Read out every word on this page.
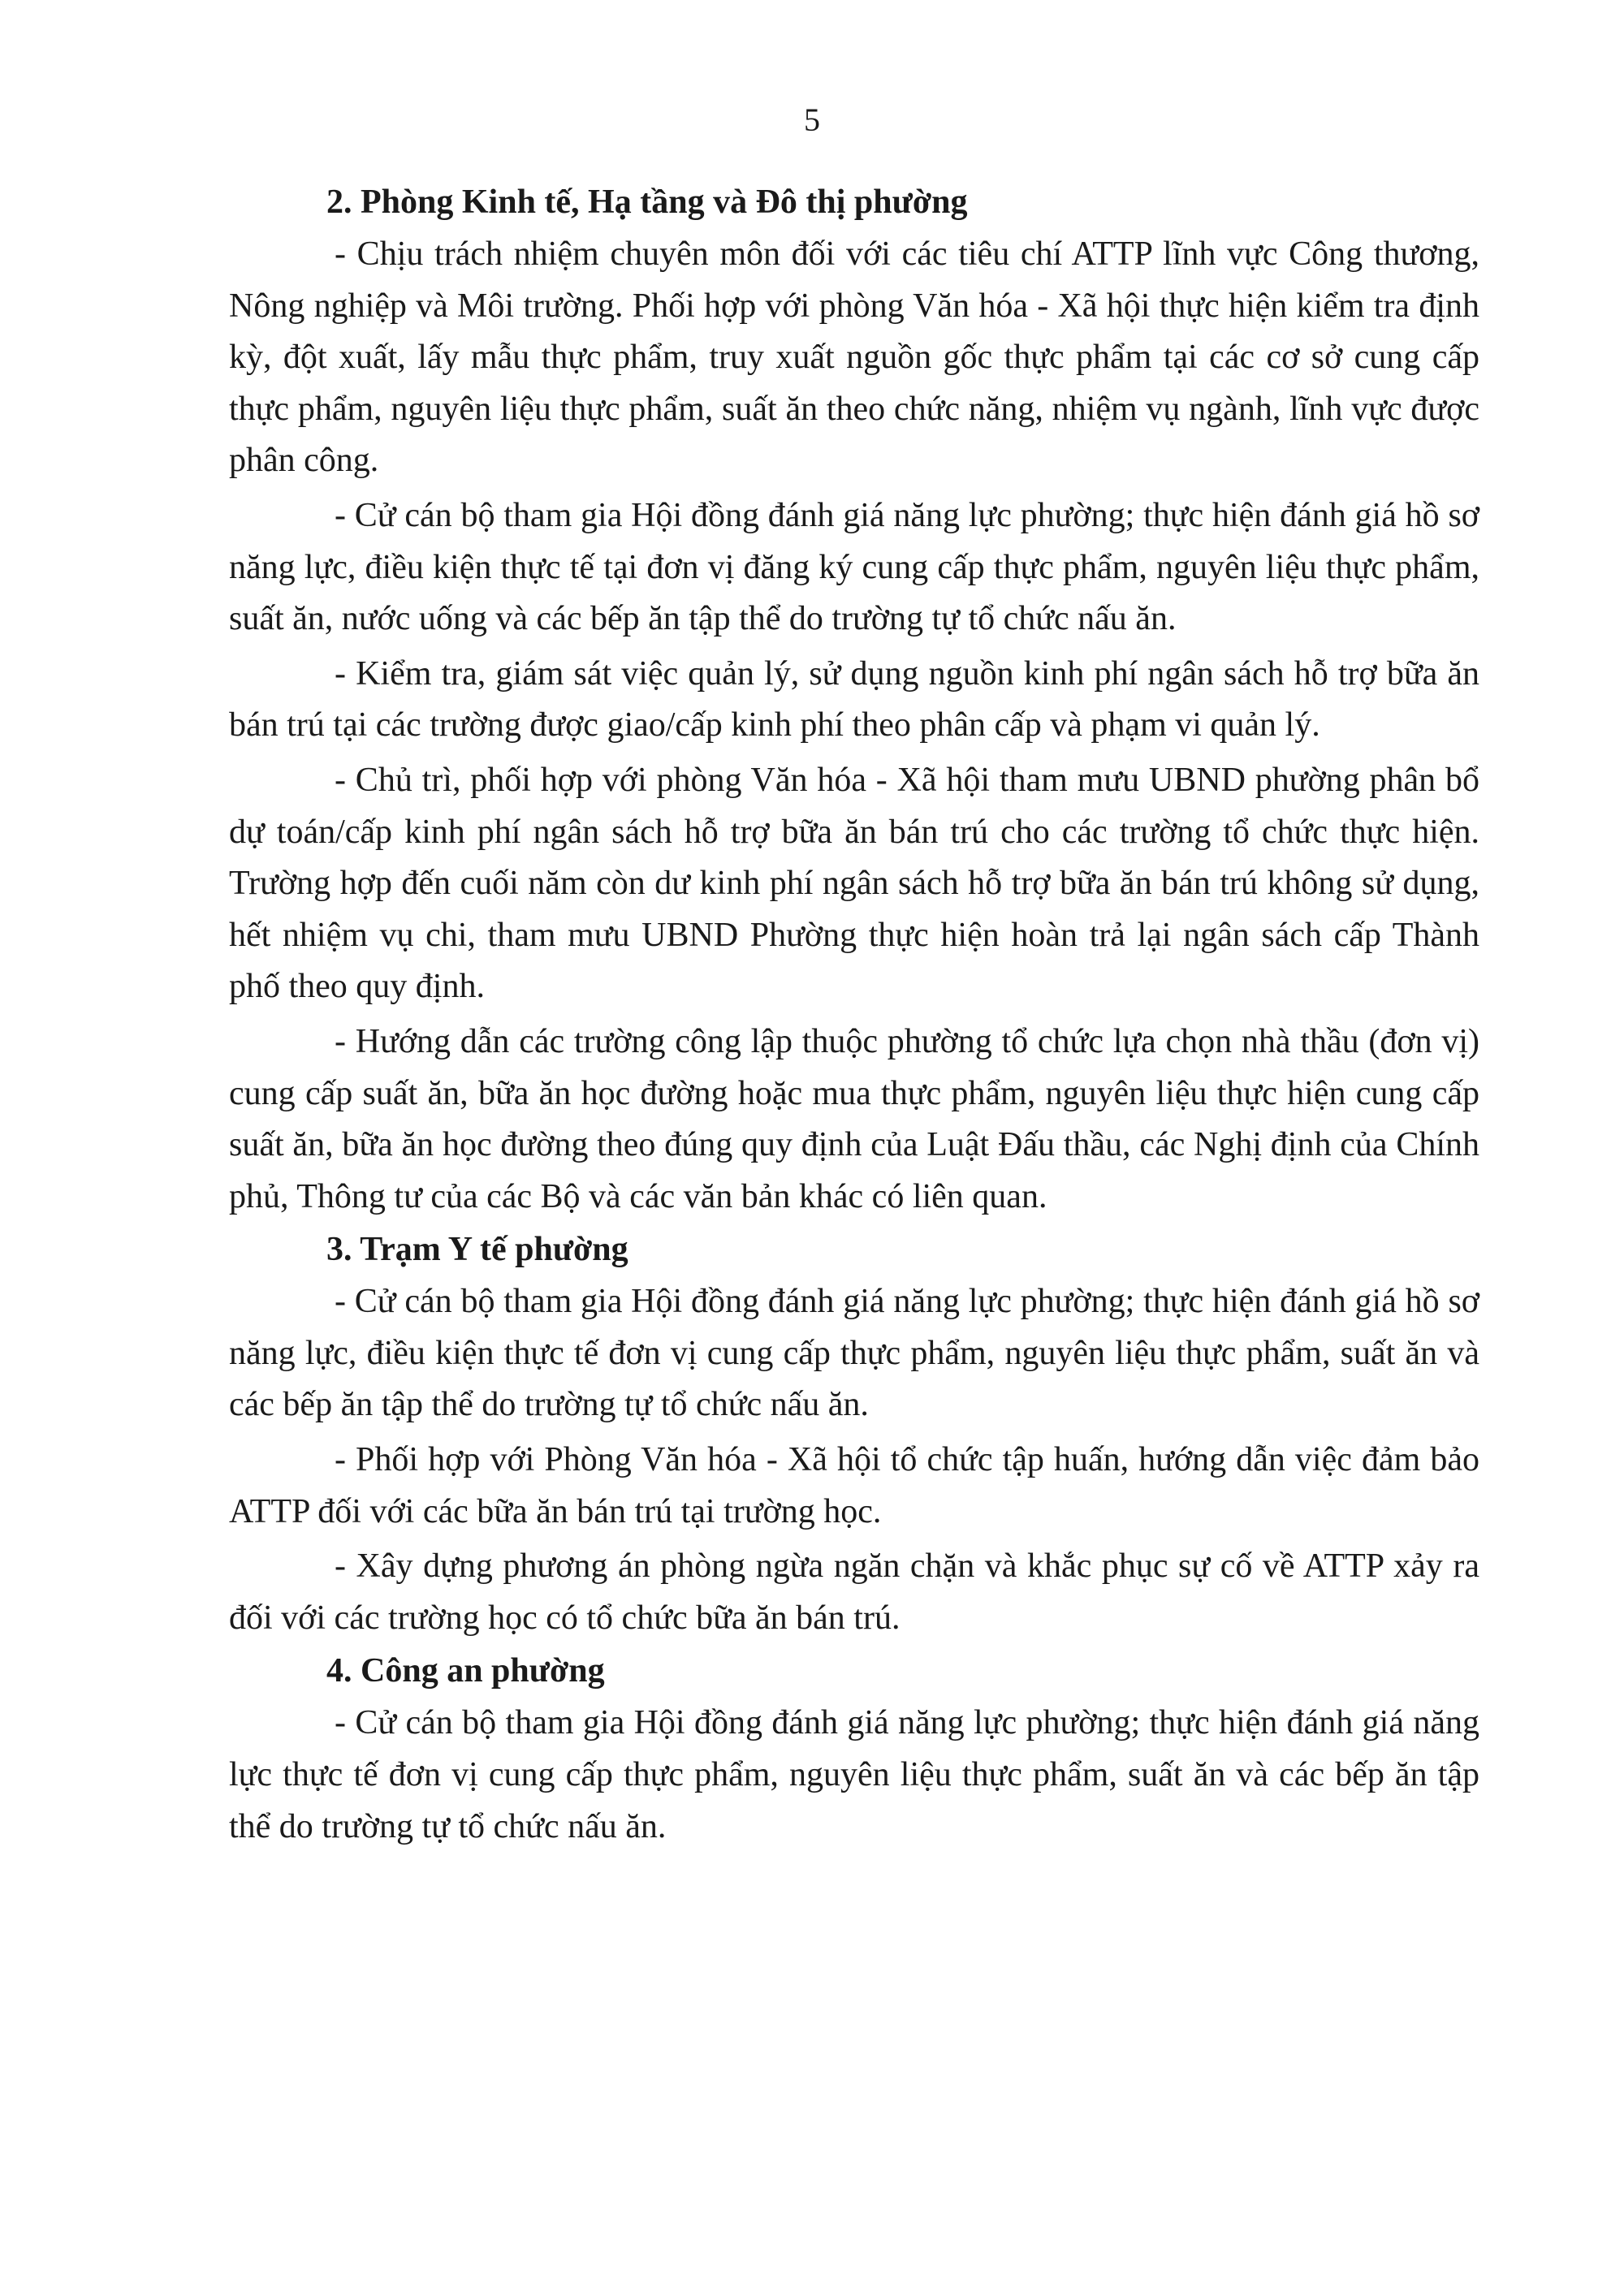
5
2. Phòng Kinh tế, Hạ tầng và Đô thị phường

- Chịu trách nhiệm chuyên môn đối với các tiêu chí ATTP lĩnh vực Công thương, Nông nghiệp và Môi trường. Phối hợp với phòng Văn hóa - Xã hội thực hiện kiểm tra định kỳ, đột xuất, lấy mẫu thực phẩm, truy xuất nguồn gốc thực phẩm tại các cơ sở cung cấp thực phẩm, nguyên liệu thực phẩm, suất ăn theo chức năng, nhiệm vụ ngành, lĩnh vực được phân công.

- Cử cán bộ tham gia Hội đồng đánh giá năng lực phường; thực hiện đánh giá hồ sơ năng lực, điều kiện thực tế tại đơn vị đăng ký cung cấp thực phẩm, nguyên liệu thực phẩm, suất ăn, nước uống và các bếp ăn tập thể do trường tự tổ chức nấu ăn.

- Kiểm tra, giám sát việc quản lý, sử dụng nguồn kinh phí ngân sách hỗ trợ bữa ăn bán trú tại các trường được giao/cấp kinh phí theo phân cấp và phạm vi quản lý.

- Chủ trì, phối hợp với phòng Văn hóa - Xã hội tham mưu UBND phường phân bổ dự toán/cấp kinh phí ngân sách hỗ trợ bữa ăn bán trú cho các trường tổ chức thực hiện. Trường hợp đến cuối năm còn dư kinh phí ngân sách hỗ trợ bữa ăn bán trú không sử dụng, hết nhiệm vụ chi, tham mưu UBND Phường thực hiện hoàn trả lại ngân sách cấp Thành phố theo quy định.

- Hướng dẫn các trường công lập thuộc phường tổ chức lựa chọn nhà thầu (đơn vị) cung cấp suất ăn, bữa ăn học đường hoặc mua thực phẩm, nguyên liệu thực hiện cung cấp suất ăn, bữa ăn học đường theo đúng quy định của Luật Đấu thầu, các Nghị định của Chính phủ, Thông tư của các Bộ và các văn bản khác có liên quan.

3. Trạm Y tế phường

- Cử cán bộ tham gia Hội đồng đánh giá năng lực phường; thực hiện đánh giá hồ sơ năng lực, điều kiện thực tế đơn vị cung cấp thực phẩm, nguyên liệu thực phẩm, suất ăn và các bếp ăn tập thể do trường tự tổ chức nấu ăn.

- Phối hợp với Phòng Văn hóa - Xã hội tổ chức tập huấn, hướng dẫn việc đảm bảo ATTP đối với các bữa ăn bán trú tại trường học.

- Xây dựng phương án phòng ngừa ngăn chặn và khắc phục sự cố về ATTP xảy ra đối với các trường học có tổ chức bữa ăn bán trú.

4. Công an phường

- Cử cán bộ tham gia Hội đồng đánh giá năng lực phường; thực hiện đánh giá năng lực thực tế đơn vị cung cấp thực phẩm, nguyên liệu thực phẩm, suất ăn và các bếp ăn tập thể do trường tự tổ chức nấu ăn.
